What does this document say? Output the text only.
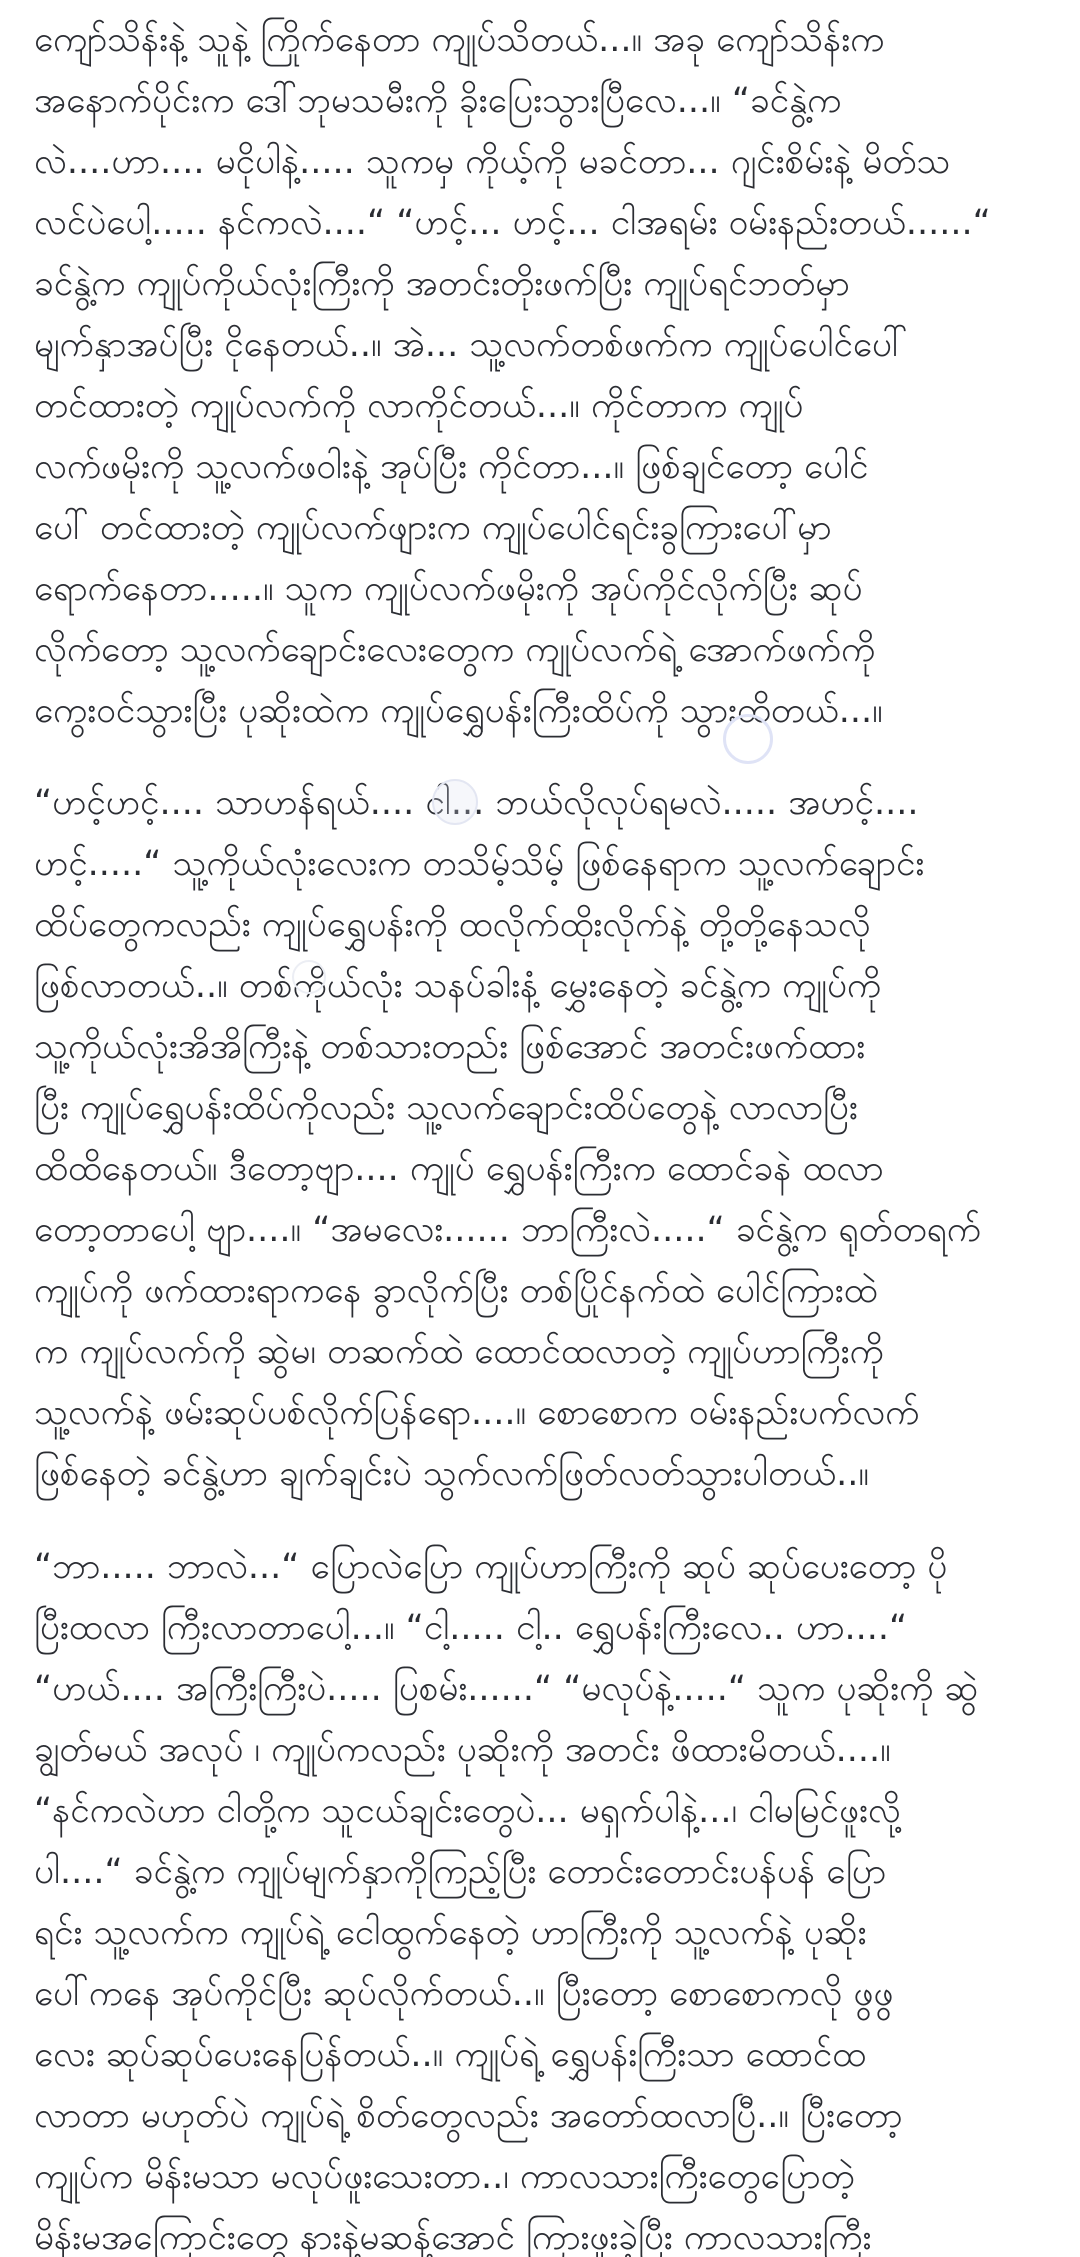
ကျော်သိန်းနဲ့ သူနဲ့ ကြိုက်နေတာ ကျုပ်သိတယ်...။ အခု ကျော်သိန်းက
အနောက်ပိုင်းက ဒေါ်ဘုမသမီးကို ခိုးပြေးသွားပြီလေ...။ “ခင်နွဲ့က
လဲ....ဟာ.... မငိုပါနဲ့..... သူကမှ ကိုယ့်ကို မခင်တာ... ဂျင်းစိမ်းနဲ့ မိတ်သ
လင်ပဲပေါ့..... နင်ကလဲ....“ “ဟင့်... ဟင့်... ငါအရမ်း ဝမ်းနည်းတယ်......“
ခင်နွဲ့က ကျုပ်ကိုယ်လုံးကြီးကို အတင်းတိုးဖက်ပြီး ကျုပ်ရင်ဘတ်မှာ
မျက်နှာအပ်ပြီး ငိုနေတယ်..။ အဲ... သူ့လက်တစ်ဖက်က ကျုပ်ပေါင်ပေါ်
တင်ထားတဲ့ ကျုပ်လက်ကို လာကိုင်တယ်...။ ကိုင်တာက ကျုပ်
လက်ဖမိုးကို သူ့လက်ဖဝါးနဲ့ အုပ်ပြီး ကိုင်တာ...။ ဖြစ်ချင်တော့ ပေါင်
ပေါ် တင်ထားတဲ့ ကျုပ်လက်ဖျားက ကျုပ်ပေါင်ရင်းခွကြားပေါ်မှာ
ရောက်နေတာ.....။ သူက ကျုပ်လက်ဖမိုးကို အုပ်ကိုင်လိုက်ပြီး ဆုပ်
လိုက်တော့ သူ့လက်ချောင်းလေးတွေက ကျုပ်လက်ရဲ့ အောက်ဖက်ကို
ကွေးဝင်သွားပြီး ပုဆိုးထဲက ကျုပ်ရွှေပန်းကြီးထိပ်ကို သွားထိတယ်...။
“ဟင့်ဟင့်.... သာဟန်ရယ်.... ငါ... ဘယ်လိုလုပ်ရမလဲ..... အဟင့်....
ဟင့်.....“ သူ့ကိုယ်လုံးလေးက တသိမ့်သိမ့် ဖြစ်နေရာက သူ့လက်ချောင်း
ထိပ်တွေကလည်း ကျုပ်ရွှေပန်းကို ထလိုက်ထိုးလိုက်နဲ့ တို့တို့နေသလို
ဖြစ်လာတယ်..။ တစ်ကိုယ်လုံး သနပ်ခါးနံ့ မွှေးနေတဲ့ ခင်နွဲ့က ကျုပ်ကို
သူ့ကိုယ်လုံးအိအိကြီးနဲ့ တစ်သားတည်း ဖြစ်အောင် အတင်းဖက်ထား
ပြီး ကျုပ်ရွှေပန်းထိပ်ကိုလည်း သူ့လက်ချောင်းထိပ်တွေနဲ့ လာလာပြီး
ထိထိနေတယ်။ ဒီတော့ဗျာ.... ကျုပ် ရွှေပန်းကြီးက ထောင်ခနဲ ထလာ
တော့တာပေါ့ ဗျာ....။ “အမလေး...... ဘာကြီးလဲ.....“ ခင်နွဲ့က ရုတ်တရက်
ကျုပ်ကို ဖက်ထားရာကနေ ခွာလိုက်ပြီး တစ်ပြိုင်နက်ထဲ ပေါင်ကြားထဲ
က ကျုပ်လက်ကို ဆွဲမ၊ တဆက်ထဲ ထောင်ထလာတဲ့ ကျုပ်ဟာကြီးကို
သူ့လက်နဲ့ ဖမ်းဆုပ်ပစ်လိုက်ပြန်ရော....။ စောစောက ဝမ်းနည်းပက်လက်
ဖြစ်နေတဲ့ ခင်နွဲ့ဟာ ချက်ချင်းပဲ သွက်လက်ဖြတ်လတ်သွားပါတယ်..။
“ဘာ..... ဘာလဲ...“ ပြောလဲပြော ကျုပ်ဟာကြီးကို ဆုပ် ဆုပ်ပေးတော့ ပို
ပြီးထလာ ကြီးလာတာပေါ့...။ “ငါ့..... ငါ့.. ရွှေပန်းကြီးလေ.. ဟာ....“
“ဟယ်.... အကြီးကြီးပဲ..... ပြစမ်း......“ “မလုပ်နဲ့.....“ သူက ပုဆိုးကို ဆွဲ
ချွတ်မယ် အလုပ် ၊ ကျုပ်ကလည်း ပုဆိုးကို အတင်း ဖိထားမိတယ်....။
“နင်ကလဲဟာ ငါတို့က သူငယ်ချင်းတွေပဲ... မရှက်ပါနဲ့...၊ ငါမမြင်ဖူးလို့
ပါ....“ ခင်နွဲ့က ကျုပ်မျက်နှာကိုကြည့်ပြီး တောင်းတောင်းပန်ပန် ပြော
ရင်း သူ့လက်က ကျုပ်ရဲ့ ငေါထွက်နေတဲ့ ဟာကြီးကို သူ့လက်နဲ့ ပုဆိုး
ပေါ်ကနေ အုပ်ကိုင်ပြီး ဆုပ်လိုက်တယ်..။ ပြီးတော့ စောစောကလို ဖွဖွ
လေး ဆုပ်ဆုပ်ပေးနေပြန်တယ်..။ ကျုပ်ရဲ့ ရွှေပန်းကြီးသာ ထောင်ထ
လာတာ မဟုတ်ပဲ ကျုပ်ရဲ့ စိတ်တွေလည်း အတော်ထလာပြီ..။ ပြီးတော့
ကျုပ်က မိန်းမသာ မလုပ်ဖူးသေးတာ..၊ ကာလသားကြီးတွေပြောတဲ့
မိန်းမအကြောင်းတွေ နားနဲ့မဆန့်အောင် ကြားဖူးခဲ့ပြီး ကာလသားကြီး
